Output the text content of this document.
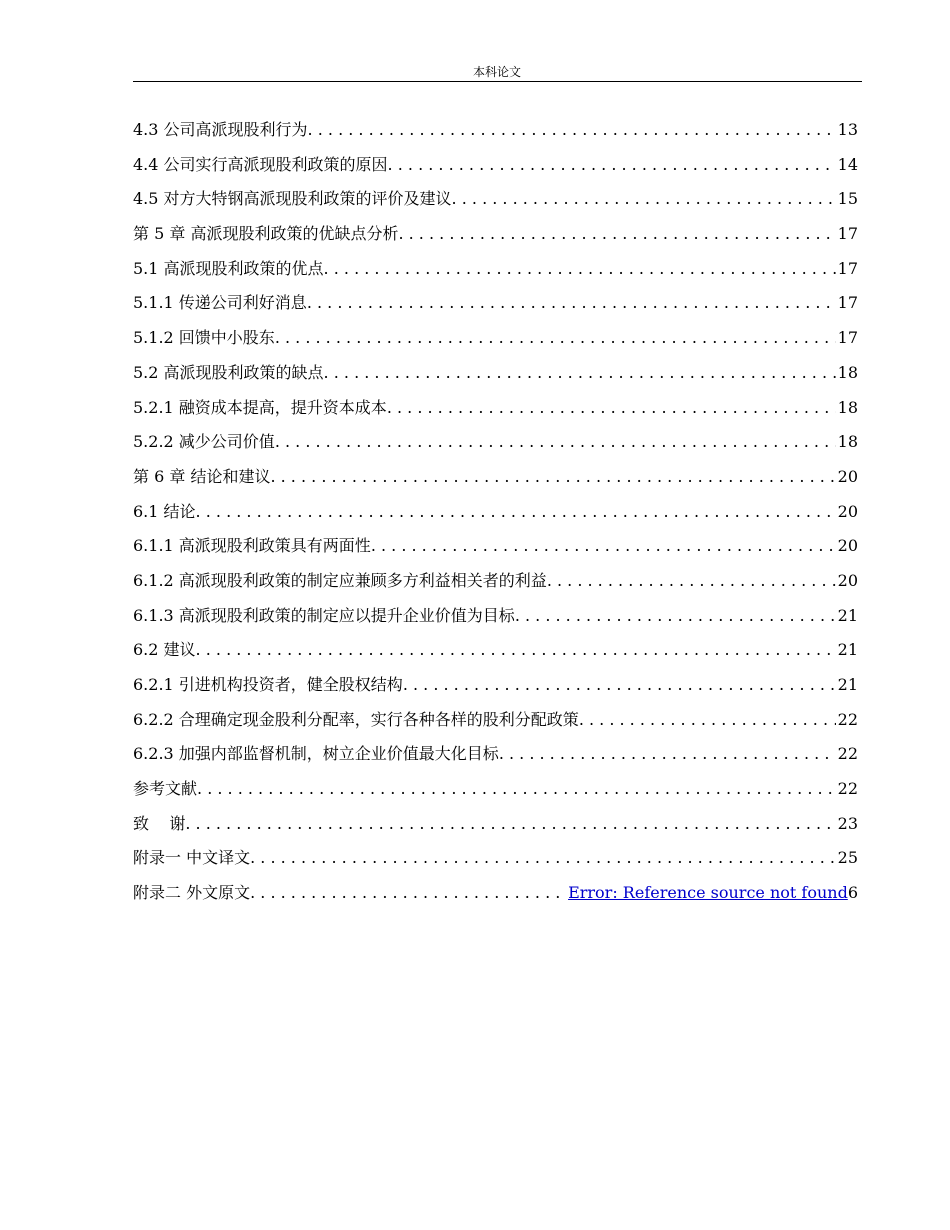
本科论文
4.3 公司高派现股利行为 . . .	13
4.4 公司实行高派现股利政策的原因 . . .	14
4.5 对方大特钢高派现股利政策的评价及建议 . . .	15
第 5 章 高派现股利政策的优缺点分析 . . .	17
5.1 高派现股利政策的优点 . . .	17
5.1.1 传递公司利好消息 . . .	17
5.1.2 回馈中小股东 . . .	17
5.2 高派现股利政策的缺点 . . .	18
5.2.1 融资成本提高，提升资本成本 . . .	18
5.2.2 减少公司价值 . . .	18
第 6 章 结论和建议 . . .	20
6.1 结论 . . .	20
6.1.1 高派现股利政策具有两面性 . . .	20
6.1.2 高派现股利政策的制定应兼顾多方利益相关者的利益 . . .	20
6.1.3 高派现股利政策的制定应以提升企业价值为目标 . . .	21
6.2 建议 . . .	21
6.2.1 引进机构投资者，健全股权结构 . . .	21
6.2.2 合理确定现金股利分配率，实行各种各样的股利分配政策 . . .	22
6.2.3 加强内部监督机制，树立企业价值最大化目标 . . .	22
参考文献 . . .	22
致    谢 . . .	23
附录一 中文译文 . . .	25
附录二 外文原文 . . .	Error: Reference source not found 6
